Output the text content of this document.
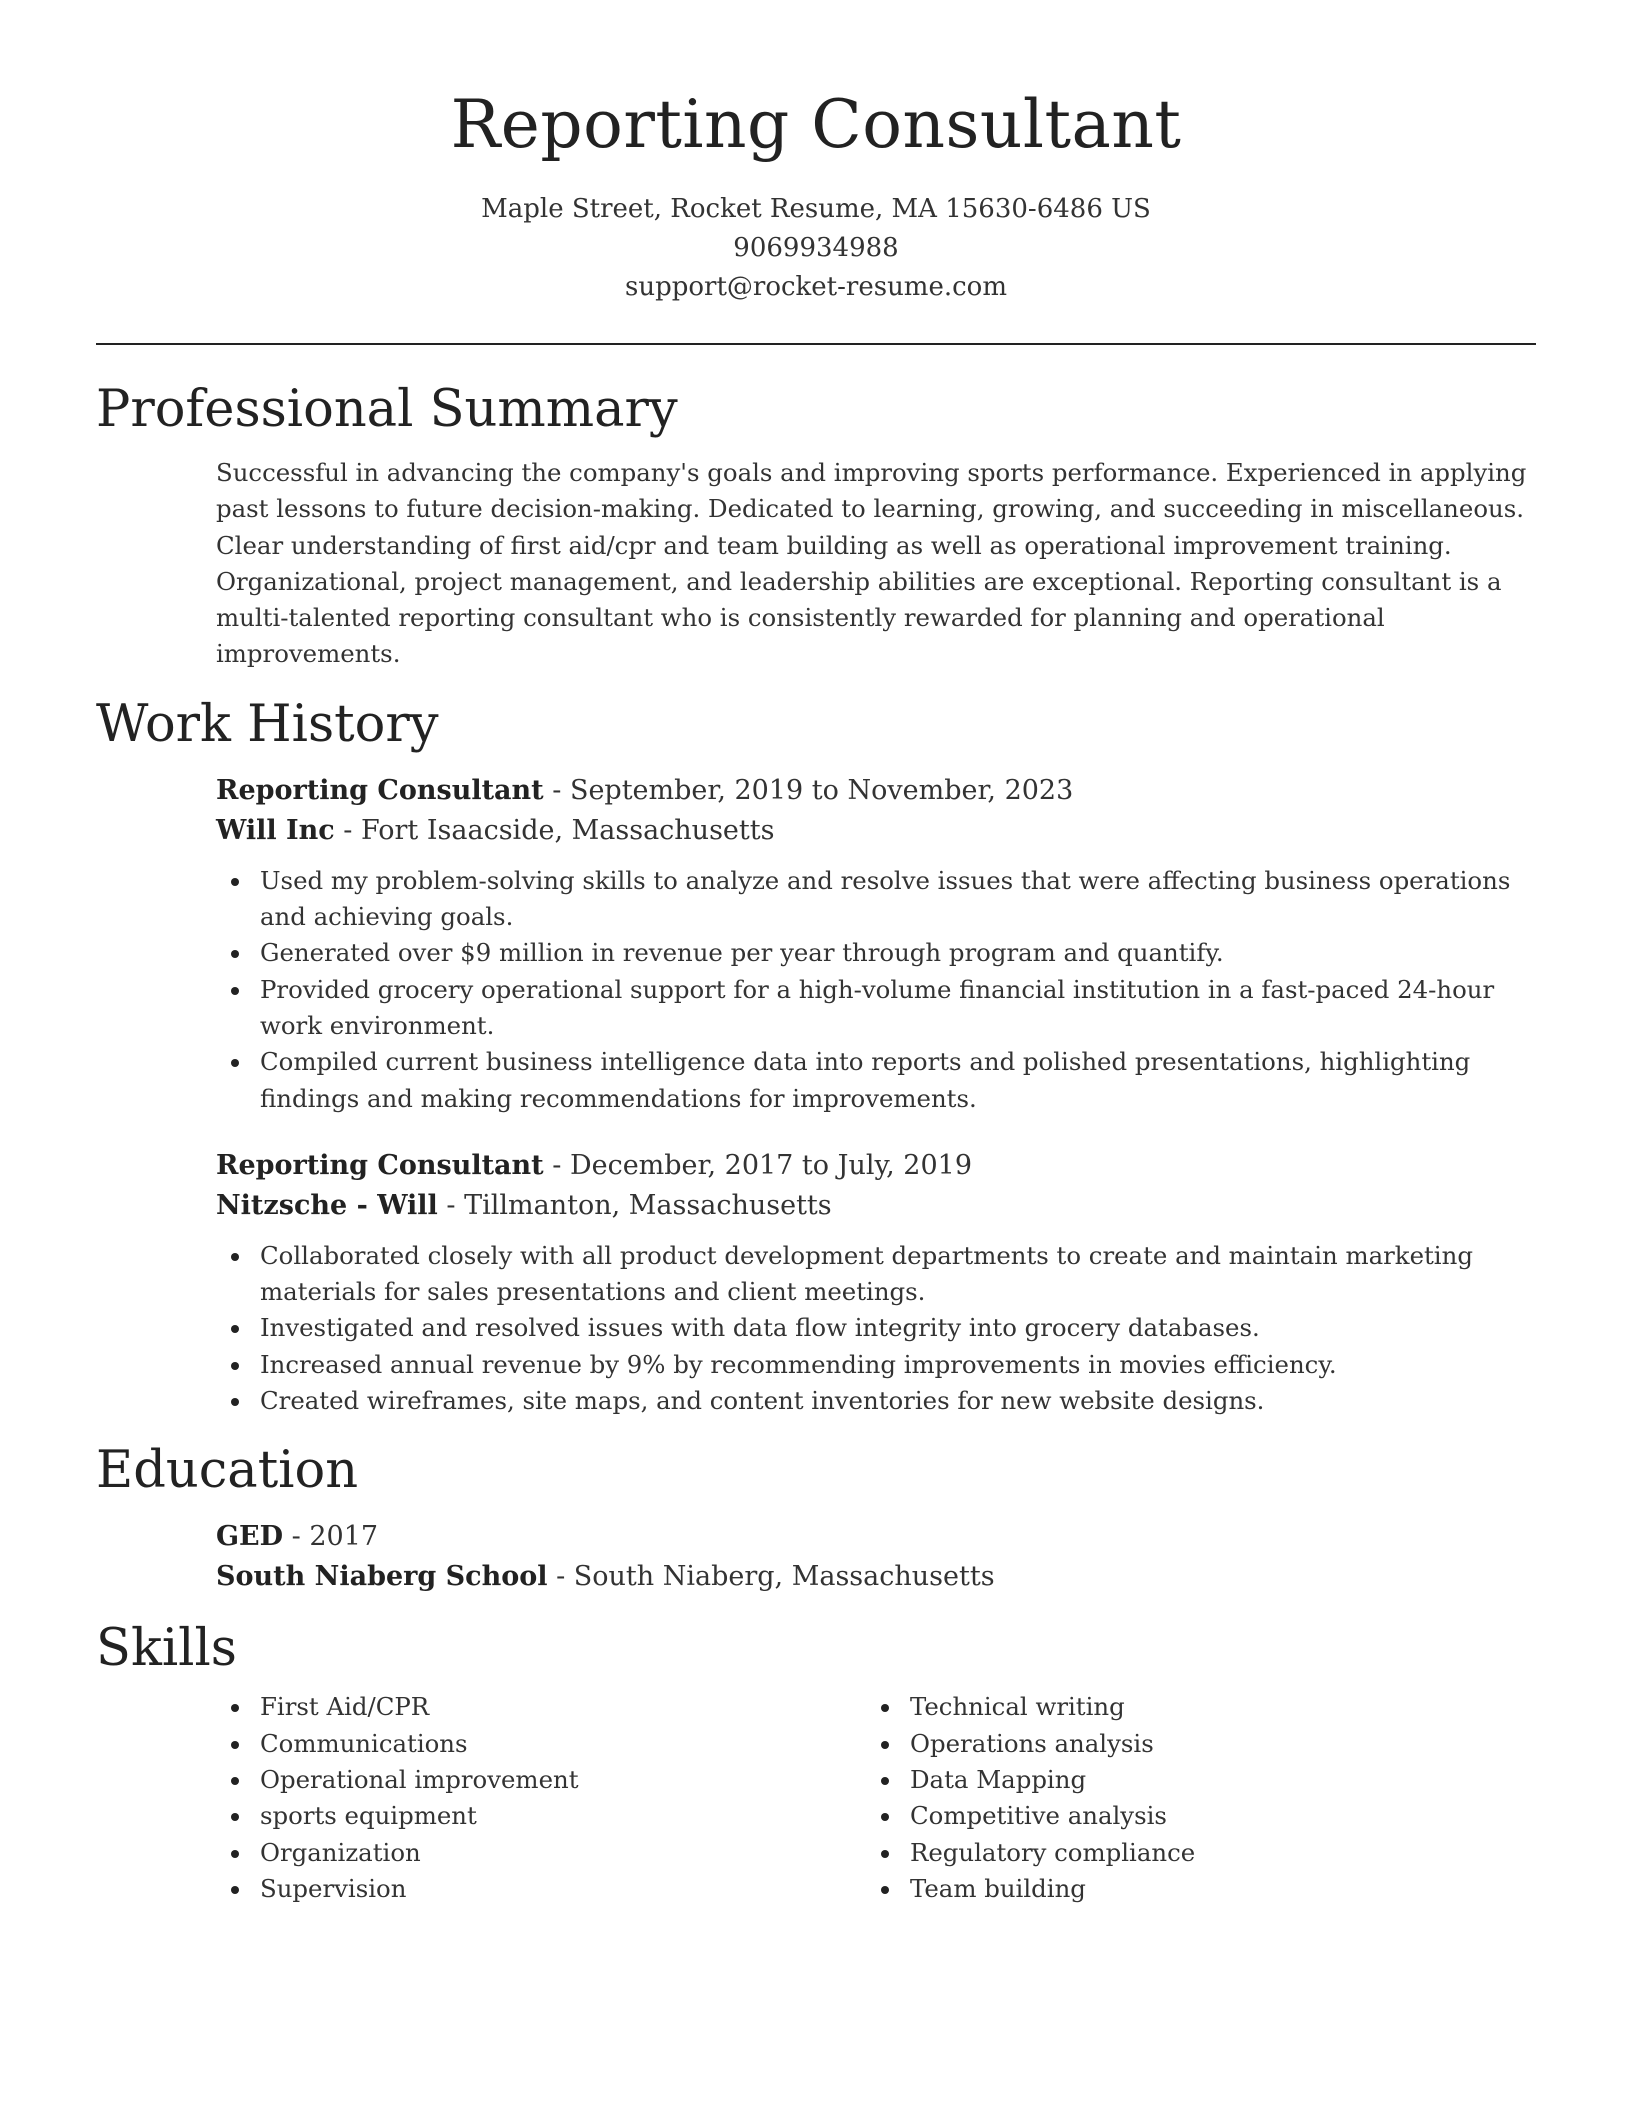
Reporting Consultant
Maple Street, Rocket Resume, MA 15630-6486 US
9069934988
support@rocket-resume.com
Professional Summary

Successful in advancing the company's goals and improving sports performance. Experienced in applying past lessons to future decision-making. Dedicated to learning, growing, and succeeding in miscellaneous. Clear understanding of first aid/cpr and team building as well as operational improvement training. Organizational, project management, and leadership abilities are exceptional. Reporting consultant is a multi-talented reporting consultant who is consistently rewarded for planning and operational improvements.

Work History
Reporting Consultant - September, 2019 to November, 2023
Will Inc - Fort Isaacside, Massachusetts
Used my problem-solving skills to analyze and resolve issues that were affecting business operations and achieving goals.
Generated over $9 million in revenue per year through program and quantify.
Provided grocery operational support for a high-volume financial institution in a fast-paced 24-hour work environment.
Compiled current business intelligence data into reports and polished presentations, highlighting findings and making recommendations for improvements.
Reporting Consultant - December, 2017 to July, 2019
Nitzsche - Will - Tillmanton, Massachusetts
Collaborated closely with all product development departments to create and maintain marketing materials for sales presentations and client meetings.
Investigated and resolved issues with data flow integrity into grocery databases.
Increased annual revenue by 9% by recommending improvements in movies efficiency.
Created wireframes, site maps, and content inventories for new website designs.
Education
GED - 2017
South Niaberg School - South Niaberg, Massachusetts
Skills
First Aid/CPR
Communications
Operational improvement
sports equipment
Organization
Supervision
Technical writing
Operations analysis
Data Mapping
Competitive analysis
Regulatory compliance
Team building
